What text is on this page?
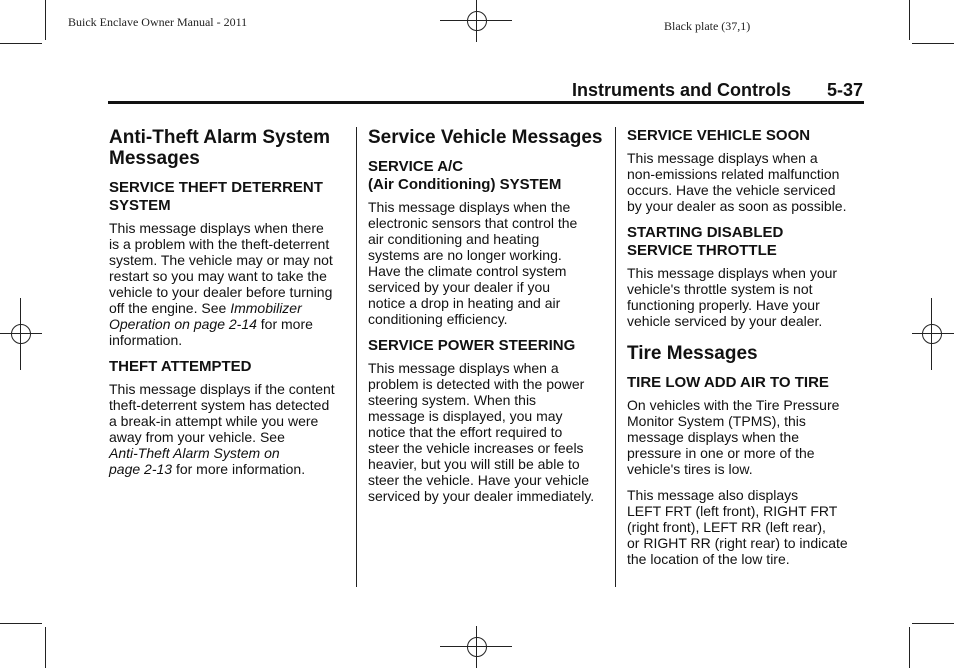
Buick Enclave Owner Manual - 2011	Black plate (37,1)
Instruments and Controls 5-37
Anti-Theft Alarm System
Messages
SERVICE THEFT DETERRENT
SYSTEM

This message displays when there
is a problem with the theft-deterrent
system. The vehicle may or may not
restart so you may want to take the
vehicle to your dealer before turning
off the engine. See Immobilizer
Operation on page 2-14 for more
information.

THEFT ATTEMPTED

This message displays if the content
theft-deterrent system has detected
a break-in attempt while you were
away from your vehicle. See
Anti-Theft Alarm System on
page 2-13 for more information.

Service Vehicle Messages
SERVICE A/C
(Air Conditioning) SYSTEM

This message displays when the
electronic sensors that control the
air conditioning and heating
systems are no longer working.
Have the climate control system
serviced by your dealer if you
notice a drop in heating and air
conditioning efficiency.

SERVICE POWER STEERING

This message displays when a
problem is detected with the power
steering system. When this
message is displayed, you may
notice that the effort required to
steer the vehicle increases or feels
heavier, but you will still be able to
steer the vehicle. Have your vehicle
serviced by your dealer immediately.

SERVICE VEHICLE SOON

This message displays when a
non-emissions related malfunction
occurs. Have the vehicle serviced
by your dealer as soon as possible.

STARTING DISABLED
SERVICE THROTTLE

This message displays when your
vehicle's throttle system is not
functioning properly. Have your
vehicle serviced by your dealer.

Tire Messages
TIRE LOW ADD AIR TO TIRE

On vehicles with the Tire Pressure
Monitor System (TPMS), this
message displays when the
pressure in one or more of the
vehicle's tires is low.

This message also displays
LEFT FRT (left front), RIGHT FRT
(right front), LEFT RR (left rear),
or RIGHT RR (right rear) to indicate
the location of the low tire.
